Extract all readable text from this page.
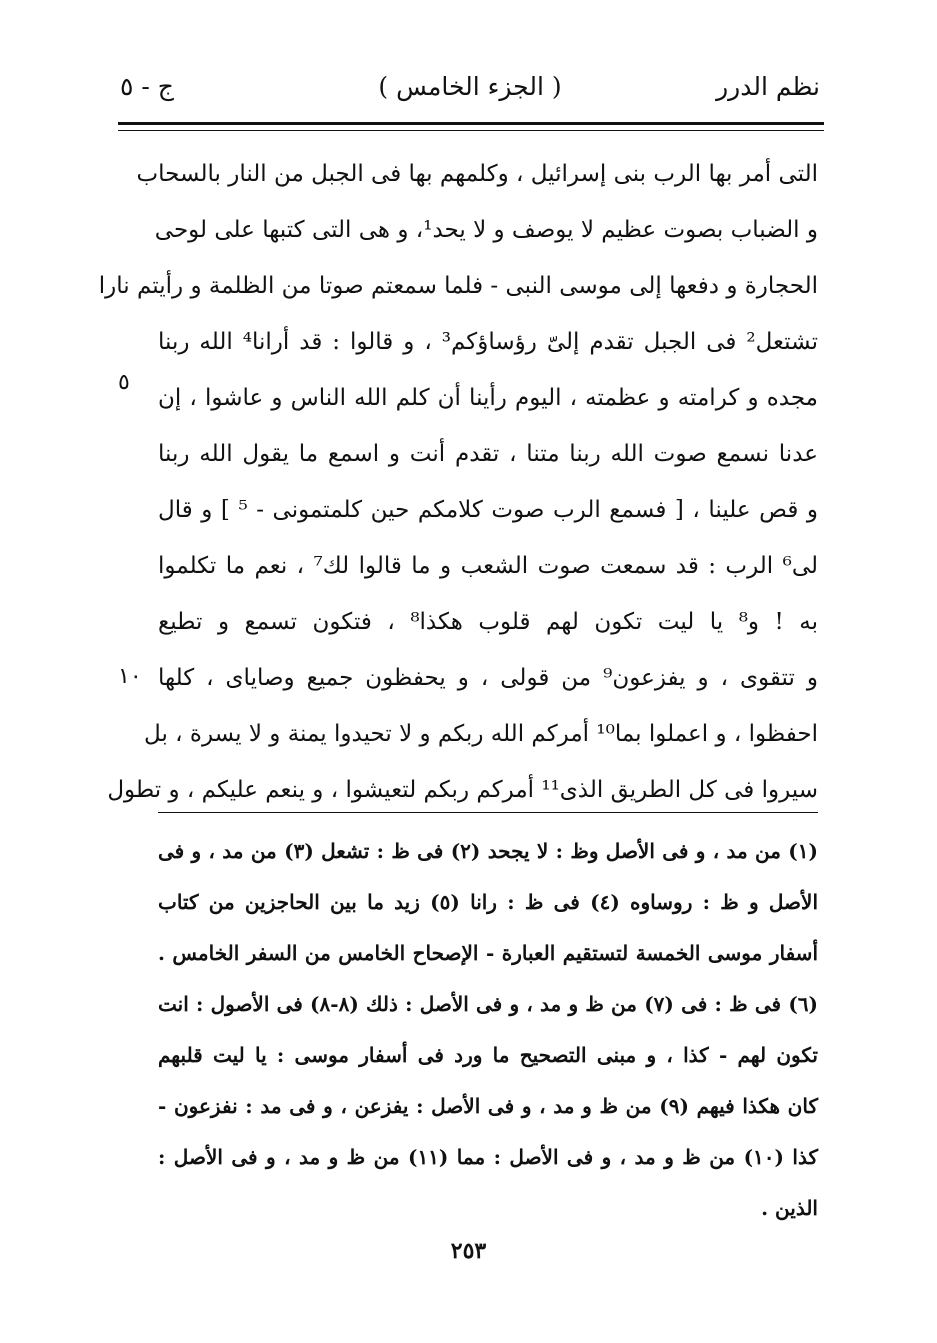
نظم الدرر
( الجزء الخامس )
ج - ٥
التى أمر بها الرب بنى إسرائيل ، وكلمهم بها فى الجبل من النار بالسحاب
و الضباب بصوت عظيم لا يوصف و لا يحد¹، و هى التى كتبها على لوحى
الحجارة و دفعها إلى موسى النبى - فلما سمعتم صوتا من الظلمة و رأيتم نارا
تشتعل² فى الجبل تقدم إلىّ رؤساؤكم³ ، و قالوا : قد أرانا⁴ الله ربنا
مجده و كرامته و عظمته ، اليوم رأينا أن كلم الله الناس و عاشوا ، إن
عدنا نسمع صوت الله ربنا متنا ، تقدم أنت و اسمع ما يقول الله ربنا
و قص علينا ، [ فسمع الرب صوت كلامكم حين كلمتمونى - ⁵ ] و قال
لى⁶ الرب : قد سمعت صوت الشعب و ما قالوا لك⁷ ، نعم ما تكلموا
به ! و⁸ يا ليت تكون لهم قلوب هكذا⁸ ، فتكون تسمع و تطيع
و تتقوى ، و يفزعون⁹ من قولى ، و يحفظون جميع وصاياى ، كلها
احفظوا ، و اعملوا بما¹⁰ أمركم الله ربكم و لا تحيدوا يمنة و لا يسرة ، بل
سيروا فى كل الطريق الذى¹¹ أمركم ربكم لتعيشوا ، و ينعم عليكم ، و تطول
٥
١٠
(١) من مد ، و فى الأصل وظ : لا يجحد (٢) فى ظ : تشعل (٣) من مد ، و فى
الأصل و ظ : روساوه (٤) فى ظ : رانا (٥) زيد ما بين الحاجزين من كتاب
أسفار موسى الخمسة لتستقيم العبارة - الإصحاح الخامس من السفر الخامس .
(٦) فى ظ : فى (٧) من ظ و مد ، و فى الأصل : ذلك (٨-٨) فى الأصول : انت
تكون لهم - كذا ، و مبنى التصحيح ما ورد فى أسفار موسى : يا ليت قلبهم
كان هكذا فيهم (٩) من ظ و مد ، و فى الأصل : يفزعن ، و فى مد : نفزعون -
كذا (١٠) من ظ و مد ، و فى الأصل : مما (١١) من ظ و مد ، و فى الأصل :
الذين .
٢٥٣
